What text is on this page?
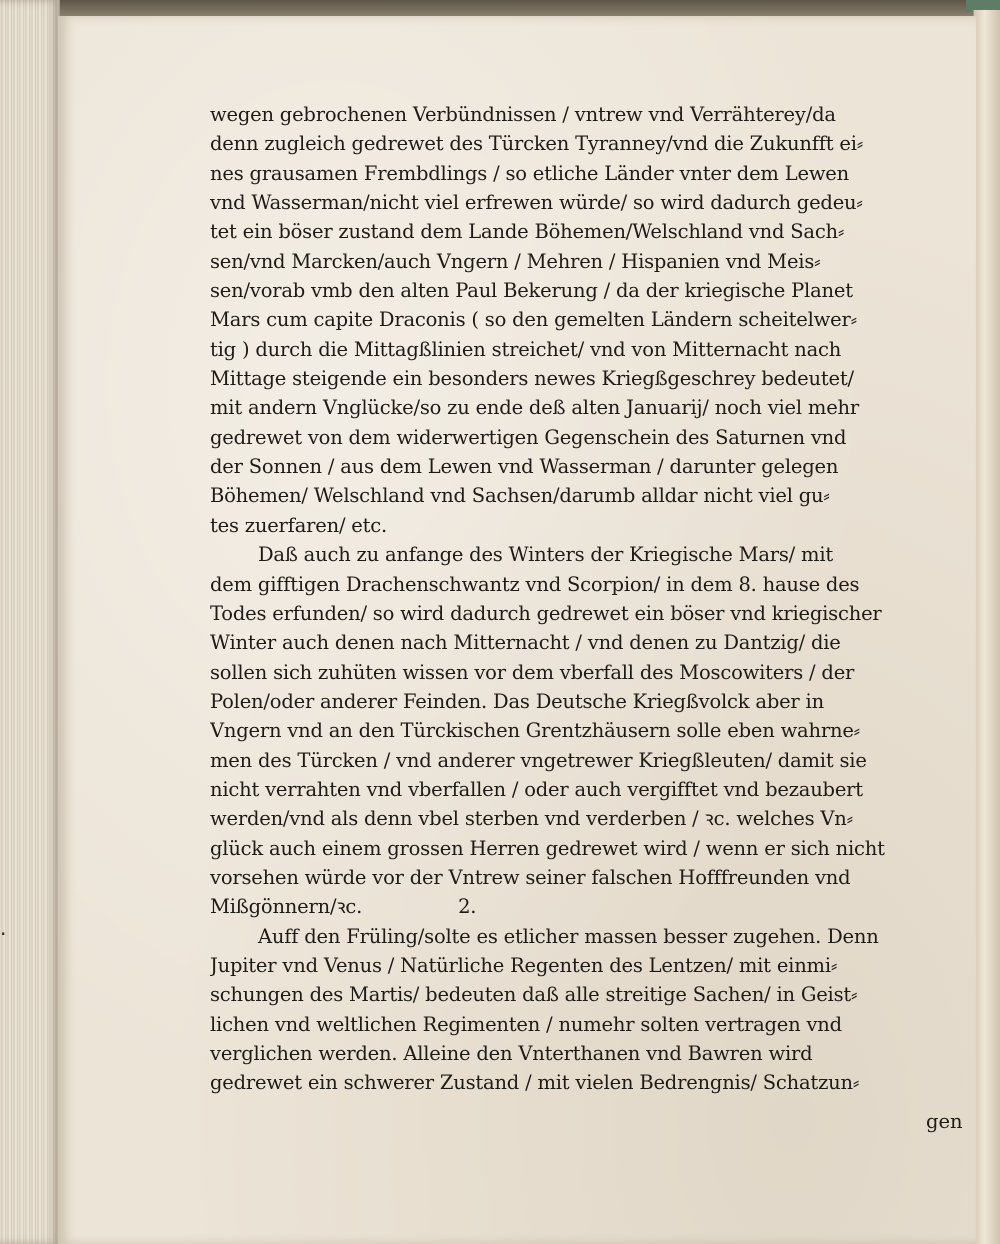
·
wegen gebrochenen Verbündnissen / vntrew vnd Verrähterey/da
denn zugleich gedrewet des Türcken Tyranney/vnd die Zukunfft ei⸗
nes grausamen Frembdlings / so etliche Länder vnter dem Lewen
vnd Wasserman/nicht viel erfrewen würde/ so wird dadurch gedeu⸗
tet ein böser zustand dem Lande Böhemen/Welschland vnd Sach⸗
sen/vnd Marcken/auch Vngern / Mehren / Hispanien vnd Meis⸗
sen/vorab vmb den alten Paul Bekerung / da der kriegische Planet
Mars cum capite Draconis ( so den gemelten Ländern scheitelwer⸗
tig ) durch die Mittagßlinien streichet/ vnd von Mitternacht nach
Mittage steigende ein besonders newes Kriegßgeschrey bedeutet/
mit andern Vnglücke/so zu ende deß alten Januarij/ noch viel mehr
gedrewet von dem widerwertigen Gegenschein des Saturnen vnd
der Sonnen / aus dem Lewen vnd Wasserman / darunter gelegen
Böhemen/ Welschland vnd Sachsen/darumb alldar nicht viel gu⸗
tes zuerfaren/ etc.
Daß auch zu anfange des Winters der Kriegische Mars/ mit
dem gifftigen Drachenschwantz vnd Scorpion/ in dem 8. hause des
Todes erfunden/ so wird dadurch gedrewet ein böser vnd kriegischer
Winter auch denen nach Mitternacht / vnd denen zu Dantzig/ die
sollen sich zuhüten wissen vor dem vberfall des Moscowiters / der
Polen/oder anderer Feinden. Das Deutsche Kriegßvolck aber in
Vngern vnd an den Türckischen Grentzhäusern solle eben wahrne⸗
men des Türcken / vnd anderer vngetrewer Kriegßleuten/ damit sie
nicht verrahten vnd vberfallen / oder auch vergifftet vnd bezaubert
werden/vnd als denn vbel sterben vnd verderben / ꝛc. welches Vn⸗
glück auch einem grossen Herren gedrewet wird / wenn er sich nicht
vorsehen würde vor der Vntrew seiner falschen Hofffreunden vnd
Mißgönnern/ꝛc.                2.
Auff den Früling/solte es etlicher massen besser zugehen. Denn
Jupiter vnd Venus / Natürliche Regenten des Lentzen/ mit einmi⸗
schungen des Martis/ bedeuten daß alle streitige Sachen/ in Geist⸗
lichen vnd weltlichen Regimenten / numehr solten vertragen vnd
verglichen werden. Alleine den Vnterthanen vnd Bawren wird
gedrewet ein schwerer Zustand / mit vielen Bedrengnis/ Schatzun⸗
gen
